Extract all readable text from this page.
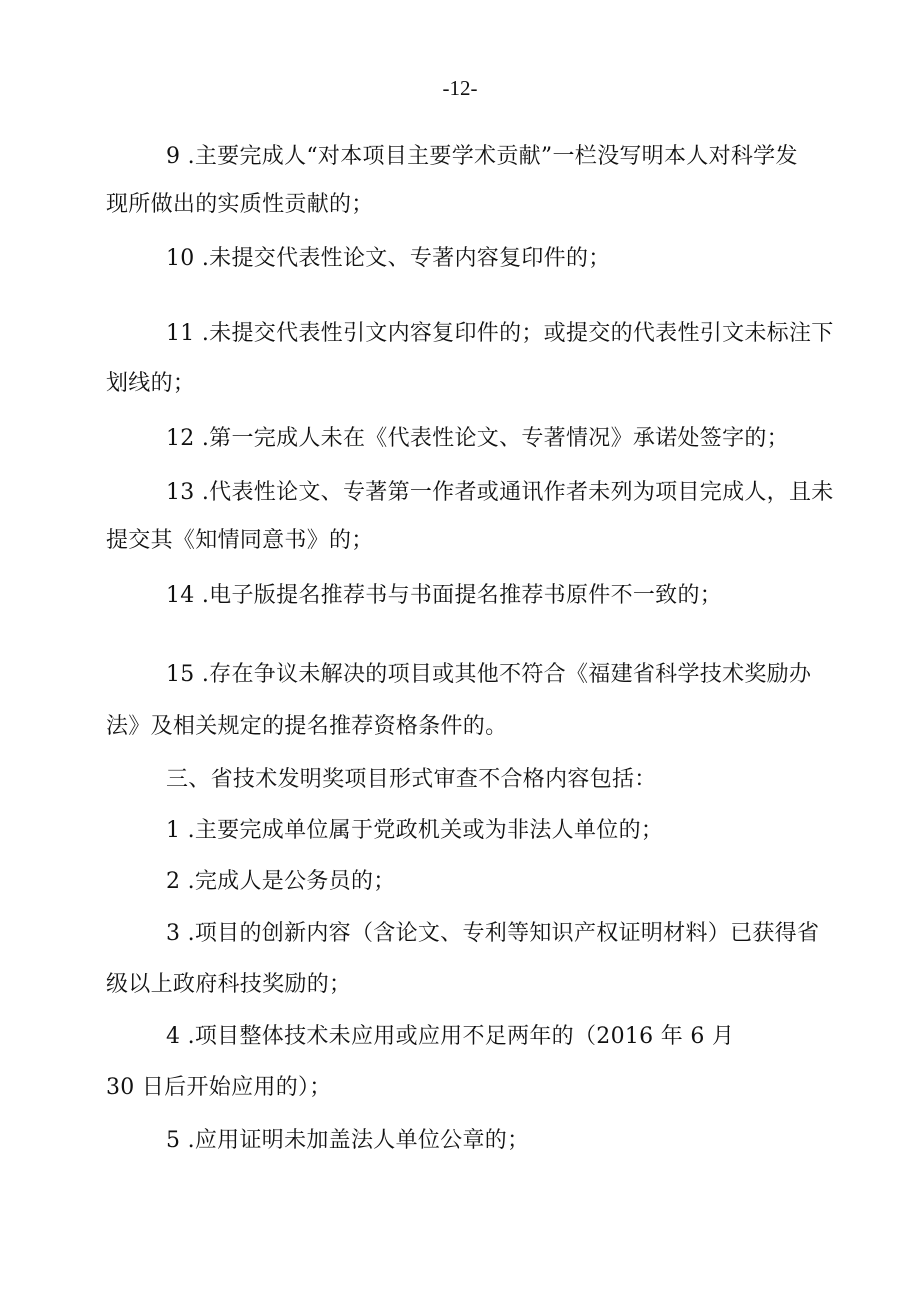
-12-
9 .主要完成人“对本项目主要学术贡献”一栏没写明本人对科学发
现所做出的实质性贡献的；
10 .未提交代表性论文、专著内容复印件的；
11 .未提交代表性引文内容复印件的；或提交的代表性引文未标注下
划线的；
12 .第一完成人未在《代表性论文、专著情况》承诺处签字的；
13 .代表性论文、专著第一作者或通讯作者未列为项目完成人，且未
提交其《知情同意书》的；
14 .电子版提名推荐书与书面提名推荐书原件不一致的；
15 .存在争议未解决的项目或其他不符合《福建省科学技术奖励办
法》及相关规定的提名推荐资格条件的。
三、省技术发明奖项目形式审查不合格内容包括：
1 .主要完成单位属于党政机关或为非法人单位的；
2 .完成人是公务员的；
3 .项目的创新内容（含论文、专利等知识产权证明材料）已获得省
级以上政府科技奖励的；
4 .项目整体技术未应用或应用不足两年的（2016 年 6 月
30 日后开始应用的）；
5 .应用证明未加盖法人单位公章的；
